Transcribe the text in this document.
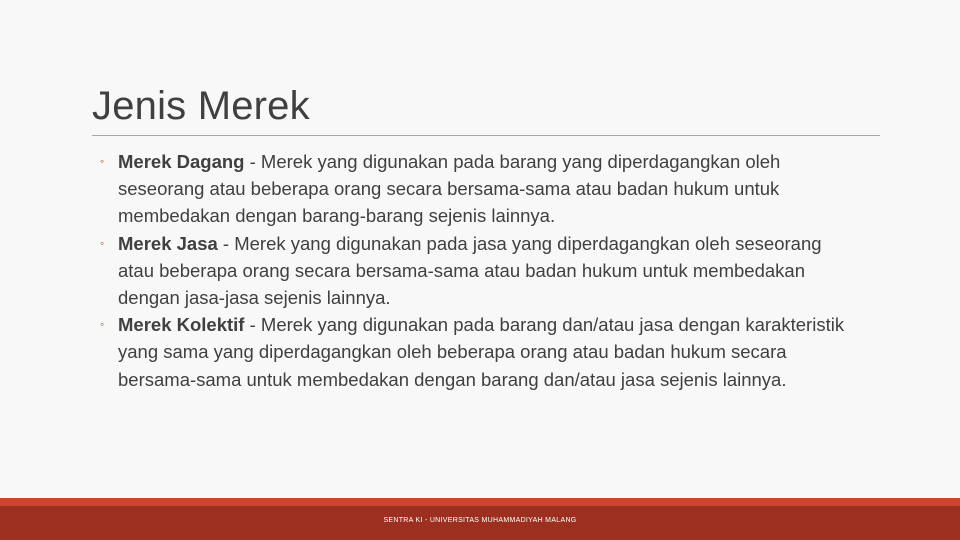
Jenis Merek
◦ Merek Dagang - Merek yang digunakan pada barang yang diperdagangkan oleh seseorang atau beberapa orang secara bersama-sama atau badan hukum untuk membedakan dengan barang-barang sejenis lainnya.
◦ Merek Jasa - Merek yang digunakan pada jasa yang diperdagangkan oleh seseorang atau beberapa orang secara bersama-sama atau badan hukum untuk membedakan dengan jasa-jasa sejenis lainnya.
◦ Merek Kolektif - Merek yang digunakan pada barang dan/atau jasa dengan karakteristik yang sama yang diperdagangkan oleh beberapa orang atau badan hukum secara bersama-sama untuk membedakan dengan barang dan/atau jasa sejenis lainnya.
SENTRA KI - UNIVERSITAS MUHAMMADIYAH MALANG
